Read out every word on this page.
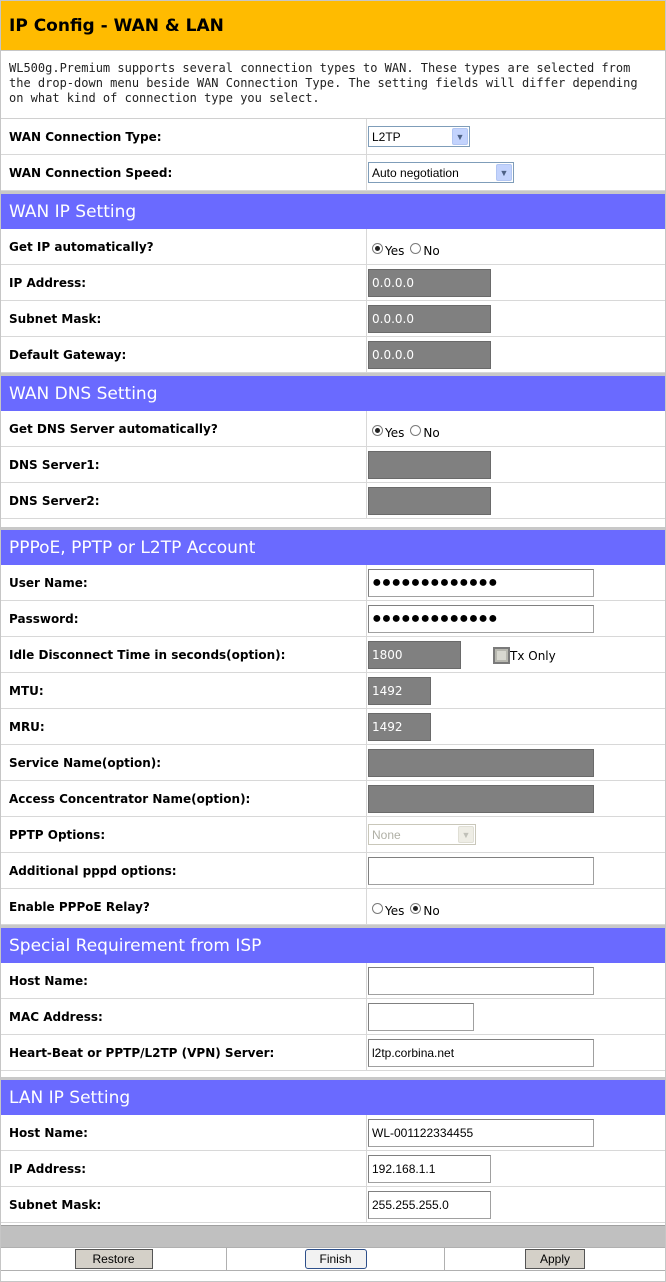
IP Config - WAN & LAN
WL500g.Premium supports several connection types to WAN. These types are selected from the drop-down menu beside WAN Connection Type. The setting fields will differ depending on what kind of connection type you select.
WAN Connection Type:	L2TP	▼
WAN Connection Speed:	Auto negotiation	▼
WAN IP Setting
Get IP automatically?	Yes No
IP Address:	0.0.0.0
Subnet Mask:	0.0.0.0
Default Gateway:	0.0.0.0
WAN DNS Setting
Get DNS Server automatically?	Yes No
DNS Server1:
DNS Server2:
PPPoE, PPTP or L2TP Account
User Name:	●●●●●●●●●●●●●
Password:	●●●●●●●●●●●●●
Idle Disconnect Time in seconds(option):	1800	Tx Only
MTU:	1492
MRU:	1492
Service Name(option):
Access Concentrator Name(option):
PPTP Options:	None	▼
Additional pppd options:
Enable PPPoE Relay?	Yes No
Special Requirement from ISP
Host Name:
MAC Address:
Heart-Beat or PPTP/L2TP (VPN) Server:	l2tp.corbina.net
LAN IP Setting
Host Name:	WL-001122334455
IP Address:	192.168.1.1
Subnet Mask:	255.255.255.0
Restore	Finish	Apply
